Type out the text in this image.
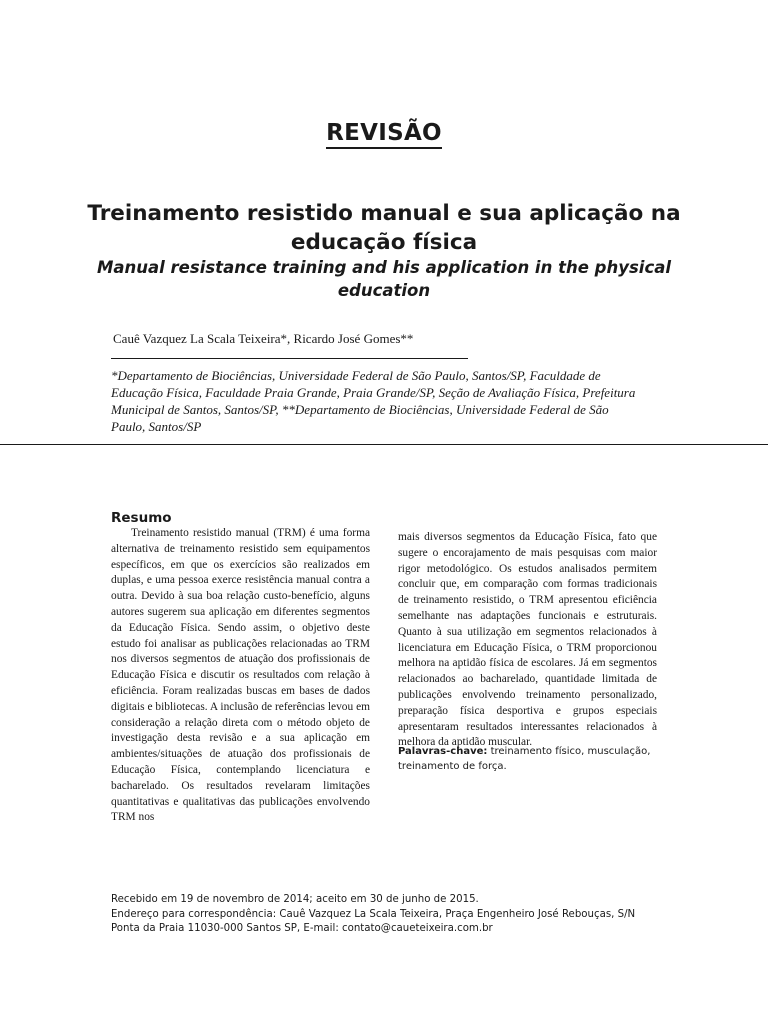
REVISÃO
Treinamento resistido manual e sua aplicação na educação física
Manual resistance training and his application in the physical education
Cauê Vazquez La Scala Teixeira*, Ricardo José Gomes**
*Departamento de Biociências, Universidade Federal de São Paulo, Santos/SP, Faculdade de Educação Física, Faculdade Praia Grande, Praia Grande/SP, Seção de Avaliação Física, Prefeitura Municipal de Santos, Santos/SP, **Departamento de Biociências, Universidade Federal de São Paulo, Santos/SP
Resumo
Treinamento resistido manual (TRM) é uma forma alternativa de treinamento resistido sem equipamentos específicos, em que os exercícios são realizados em duplas, e uma pessoa exerce resistência manual contra a outra. Devido à sua boa relação custo-benefício, alguns autores sugerem sua aplicação em diferentes segmentos da Educação Física. Sendo assim, o objetivo deste estudo foi analisar as publicações relacionadas ao TRM nos diversos segmentos de atuação dos profissionais de Educação Física e discutir os resultados com relação à eficiência. Foram realizadas buscas em bases de dados digitais e bibliotecas. A inclusão de referências levou em consideração a relação direta com o método objeto de investigação desta revisão e a sua aplicação em ambientes/situações de atuação dos profissionais de Educação Física, contemplando licenciatura e bacharelado. Os resultados revelaram limitações quantitativas e qualitativas das publicações envolvendo TRM nos
mais diversos segmentos da Educação Física, fato que sugere o encorajamento de mais pesquisas com maior rigor metodológico. Os estudos analisados permitem concluir que, em comparação com formas tradicionais de treinamento resistido, o TRM apresentou eficiência semelhante nas adaptações funcionais e estruturais. Quanto à sua utilização em segmentos relacionados à licenciatura em Educação Física, o TRM proporcionou melhora na aptidão física de escolares. Já em segmentos relacionados ao bacharelado, quantidade limitada de publicações envolvendo treinamento personalizado, preparação física desportiva e grupos especiais apresentaram resultados interessantes relacionados à melhora da aptidão muscular.
Palavras-chave: treinamento físico, musculação, treinamento de força.
Recebido em 19 de novembro de 2014; aceito em 30 de junho de 2015.
Endereço para correspondência: Cauê Vazquez La Scala Teixeira, Praça Engenheiro José Rebouças, S/N Ponta da Praia 11030-000 Santos SP, E-mail: contato@caueteixeira.com.br
